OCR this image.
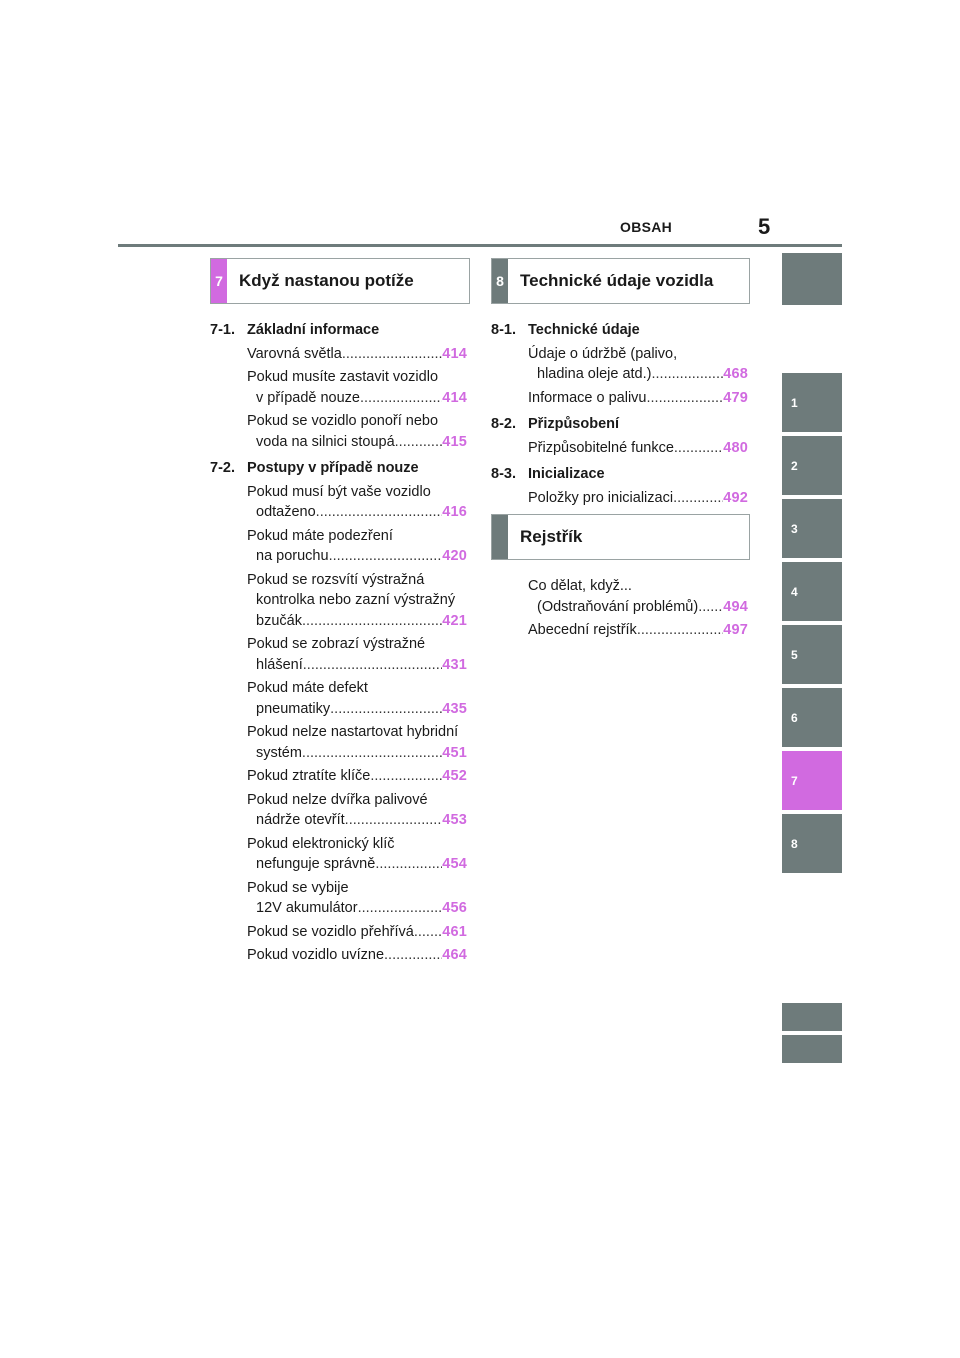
OBSAH	5
1
2
3
4
5
6
7
8
7 Když nastanou potíže	8 Technické údaje vozidla
7-1. Základní informace
Varovná světla .....	414
Pokud musíte zastavit vozidlo
v případě nouze .....	414
Pokud se vozidlo ponoří nebo
voda na silnici stoupá .....	415
7-2. Postupy v případě nouze
Pokud musí být vaše vozidlo
odtaženo .....	416
Pokud máte podezření
na poruchu .....	420
Pokud se rozsvítí výstražná
kontrolka nebo zazní výstražný
bzučák .....	421
Pokud se zobrazí výstražné
hlášení .....	431
Pokud máte defekt
pneumatiky .....	435
Pokud nelze nastartovat hybridní
systém .....	451
Pokud ztratíte klíče .....	452
Pokud nelze dvířka palivové
nádrže otevřít .....	453
Pokud elektronický klíč
nefunguje správně .....	454
Pokud se vybije
12V akumulátor .....	456
Pokud se vozidlo přehřívá ..... 461
Pokud vozidlo uvízne .....	464
8-1. Technické údaje
Údaje o údržbě (palivo,
hladina oleje atd.) .....	468
Informace o palivu .....	479
8-2. Přizpůsobení
Přizpůsobitelné funkce .....	480
8-3. Inicializace
Položky pro inicializaci .....	492
Rejstřík
Co dělat, když...
(Odstraňování problémů) ..... 494
Abecední rejstřík .....	497
